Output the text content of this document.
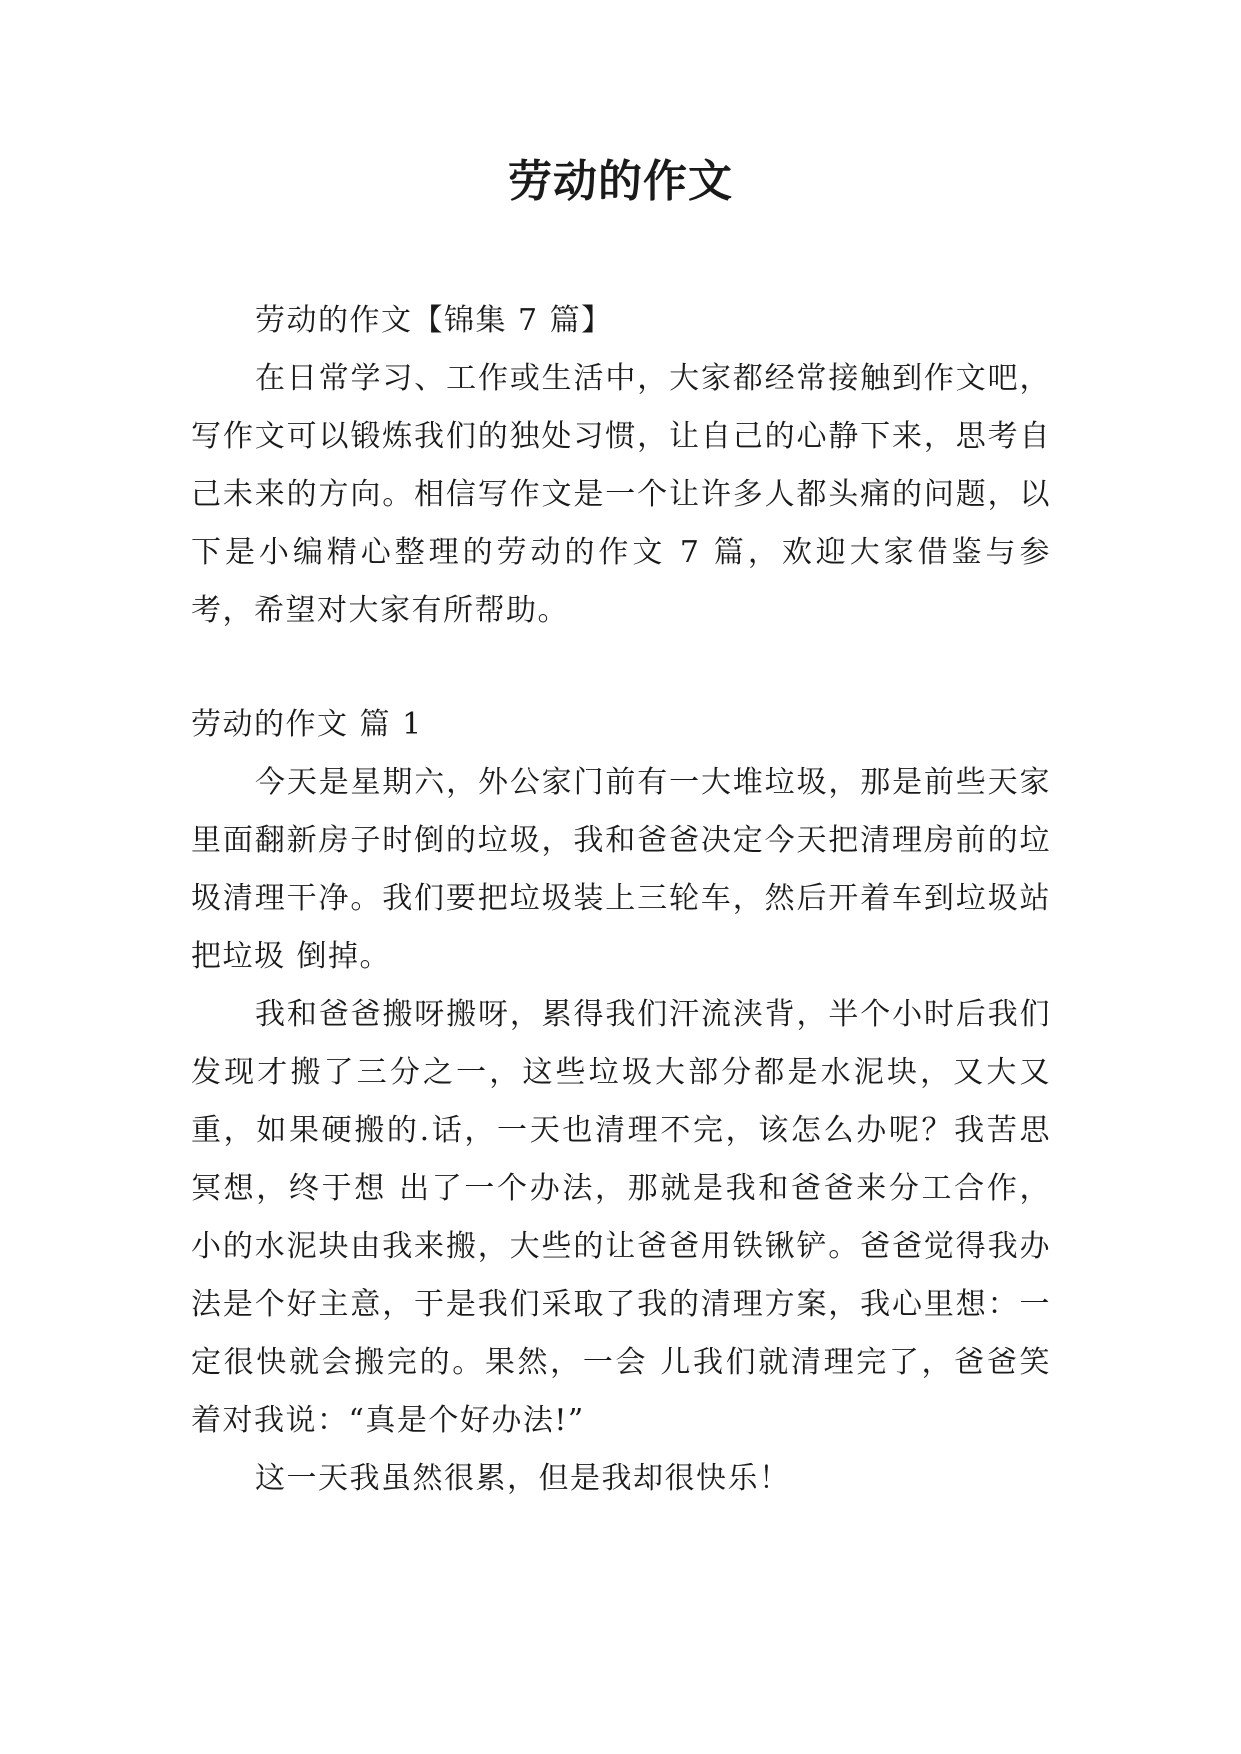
劳动的作文

劳动的作文【锦集 7 篇】

在日常学习、工作或生活中，大家都经常接触到作文吧，写作文可以锻炼我们的独处习惯，让自己的心静下来，思考自己未来的方向。相信写作文是一个让许多人都头痛的问题，以下是小编精心整理的劳动的作文 7 篇，欢迎大家借鉴与参考，希望对大家有所帮助。

劳动的作文 篇 1

今天是星期六，外公家门前有一大堆垃圾，那是前些天家里面翻新房子时倒的垃圾，我和爸爸决定今天把清理房前的垃圾清理干净。我们要把垃圾装上三轮车，然后开着车到垃圾站把垃圾 倒掉。

我和爸爸搬呀搬呀，累得我们汗流浃背，半个小时后我们发现才搬了三分之一，这些垃圾大部分都是水泥块，又大又重，如果硬搬的.话，一天也清理不完，该怎么办呢？我苦思冥想，终于想 出了一个办法，那就是我和爸爸来分工合作，小的水泥块由我来搬，大些的让爸爸用铁锹铲。爸爸觉得我办法是个好主意，于是我们采取了我的清理方案，我心里想：一定很快就会搬完的。果然，一会 儿我们就清理完了，爸爸笑着对我说：“真是个好办法!”

这一天我虽然很累，但是我却很快乐！
